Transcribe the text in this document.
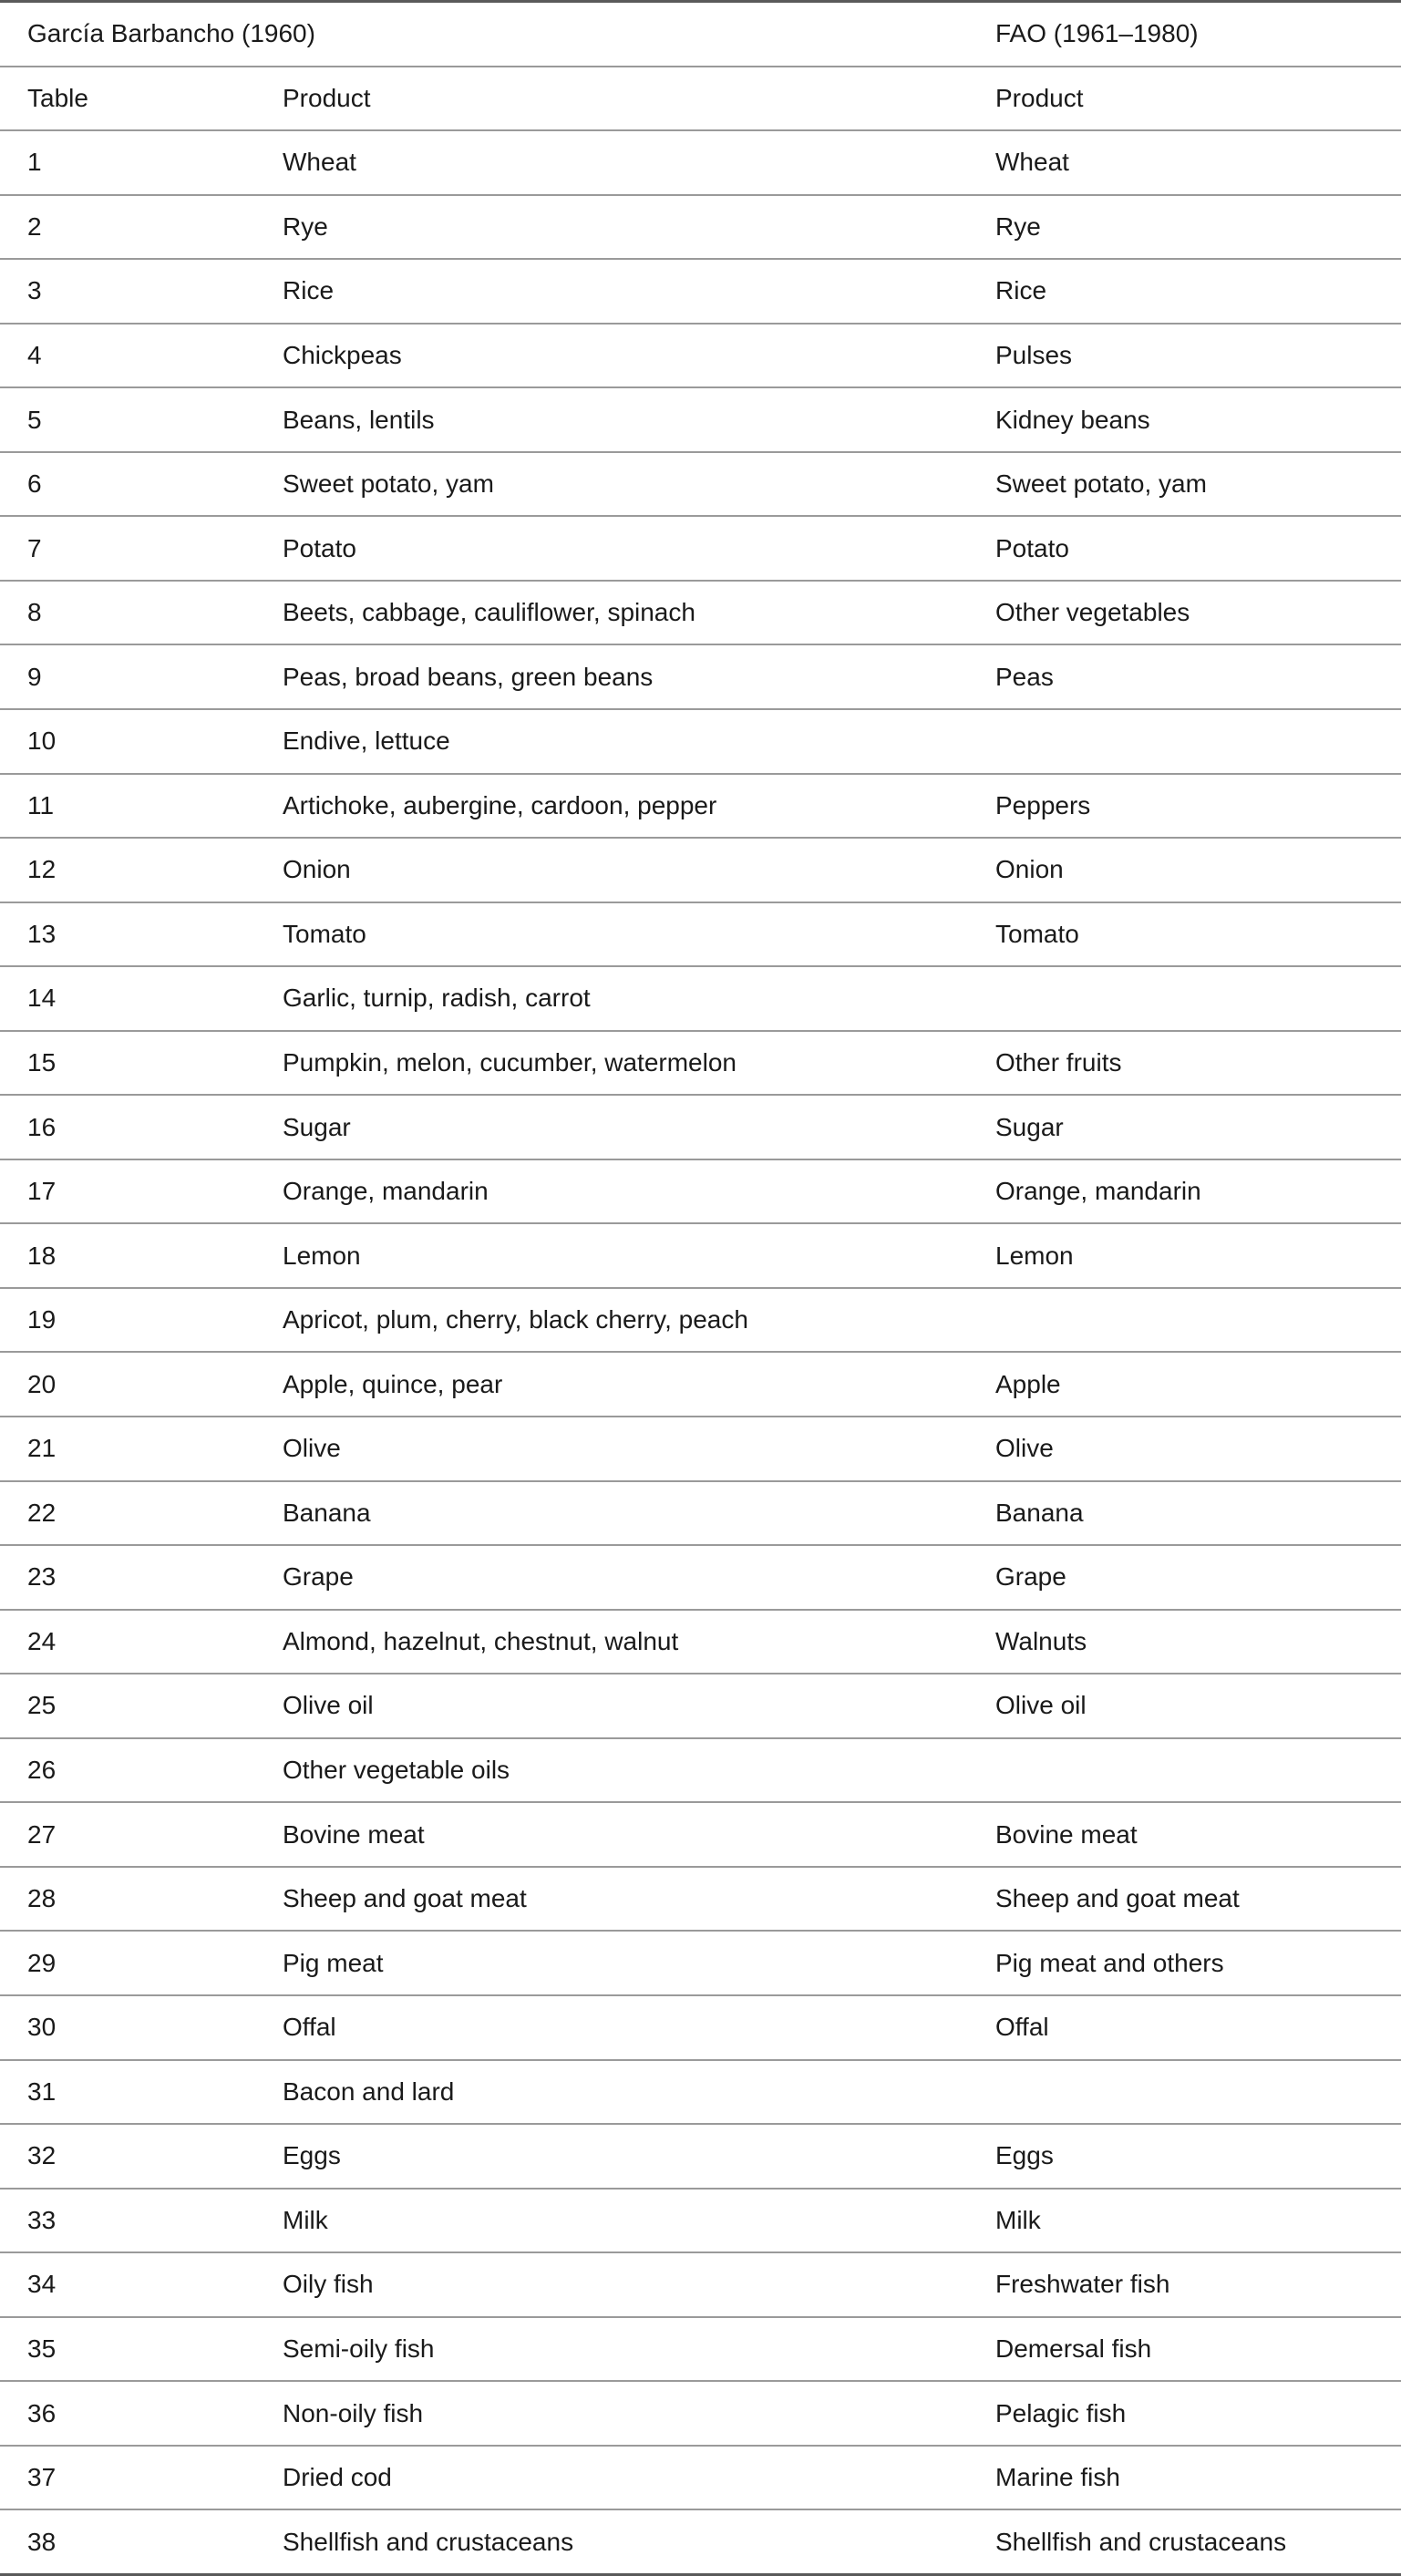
García Barbancho (1960)		FAO (1961–1980)
Table	Product	Product
1	Wheat	Wheat
2	Rye	Rye
3	Rice	Rice
4	Chickpeas	Pulses
5	Beans, lentils	Kidney beans
6	Sweet potato, yam	Sweet potato, yam
7	Potato	Potato
8	Beets, cabbage, cauliflower, spinach	Other vegetables
9	Peas, broad beans, green beans	Peas
10	Endive, lettuce	
11	Artichoke, aubergine, cardoon, pepper	Peppers
12	Onion	Onion
13	Tomato	Tomato
14	Garlic, turnip, radish, carrot	
15	Pumpkin, melon, cucumber, watermelon	Other fruits
16	Sugar	Sugar
17	Orange, mandarin	Orange, mandarin
18	Lemon	Lemon
19	Apricot, plum, cherry, black cherry, peach	
20	Apple, quince, pear	Apple
21	Olive	Olive
22	Banana	Banana
23	Grape	Grape
24	Almond, hazelnut, chestnut, walnut	Walnuts
25	Olive oil	Olive oil
26	Other vegetable oils	
27	Bovine meat	Bovine meat
28	Sheep and goat meat	Sheep and goat meat
29	Pig meat	Pig meat and others
30	Offal	Offal
31	Bacon and lard	
32	Eggs	Eggs
33	Milk	Milk
34	Oily fish	Freshwater fish
35	Semi-oily fish	Demersal fish
36	Non-oily fish	Pelagic fish
37	Dried cod	Marine fish
38	Shellfish and crustaceans	Shellfish and crustaceans
